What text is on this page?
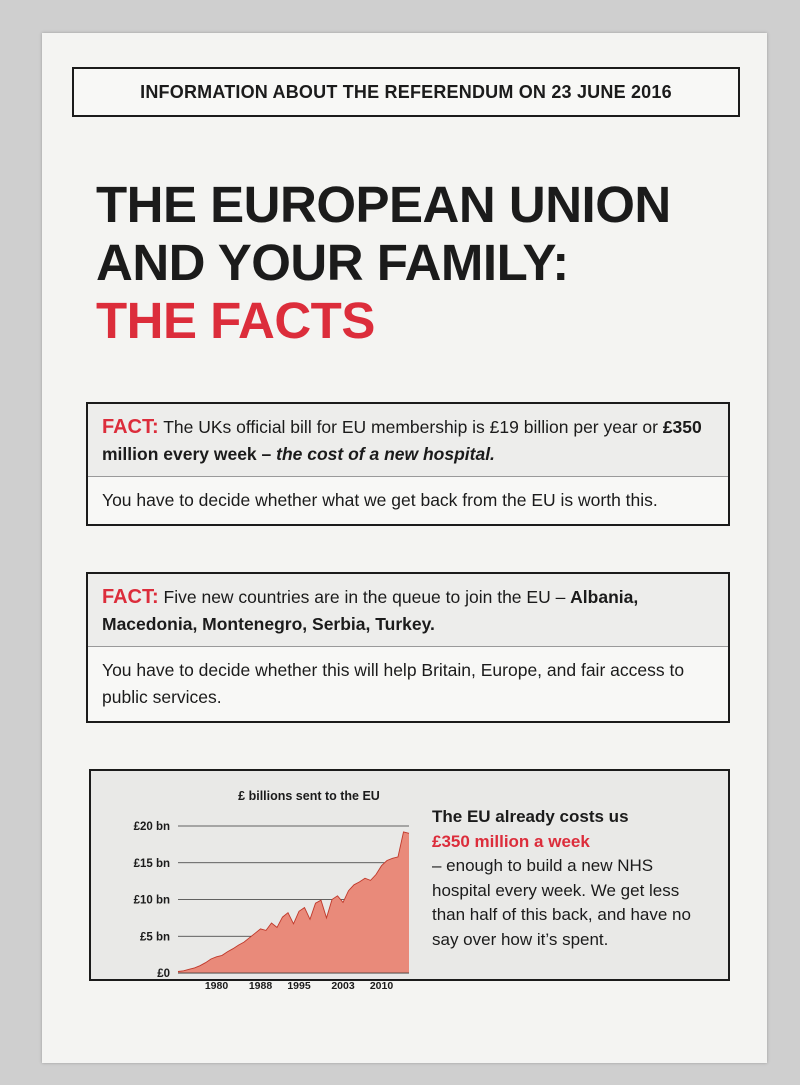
INFORMATION ABOUT THE REFERENDUM ON 23 JUNE 2016
THE EUROPEAN UNION
AND YOUR FAMILY:
THE FACTS
FACT: The UKs official bill for EU membership is £19 billion per year or £350 million every week – the cost of a new hospital.
You have to decide whether what we get back from the EU is worth this.
FACT: Five new countries are in the queue to join the EU – Albania, Macedonia, Montenegro, Serbia, Turkey.
You have to decide whether this will help Britain, Europe, and fair access to public services.
£ billions sent to the EU
£0
£5 bn
£10 bn
£15 bn
£20 bn
1980 1988 1995 2003 2010
The EU already costs us
£350 million a week
– enough to build a new NHS hospital every week. We get less than half of this back, and have no say over how it’s spent.
